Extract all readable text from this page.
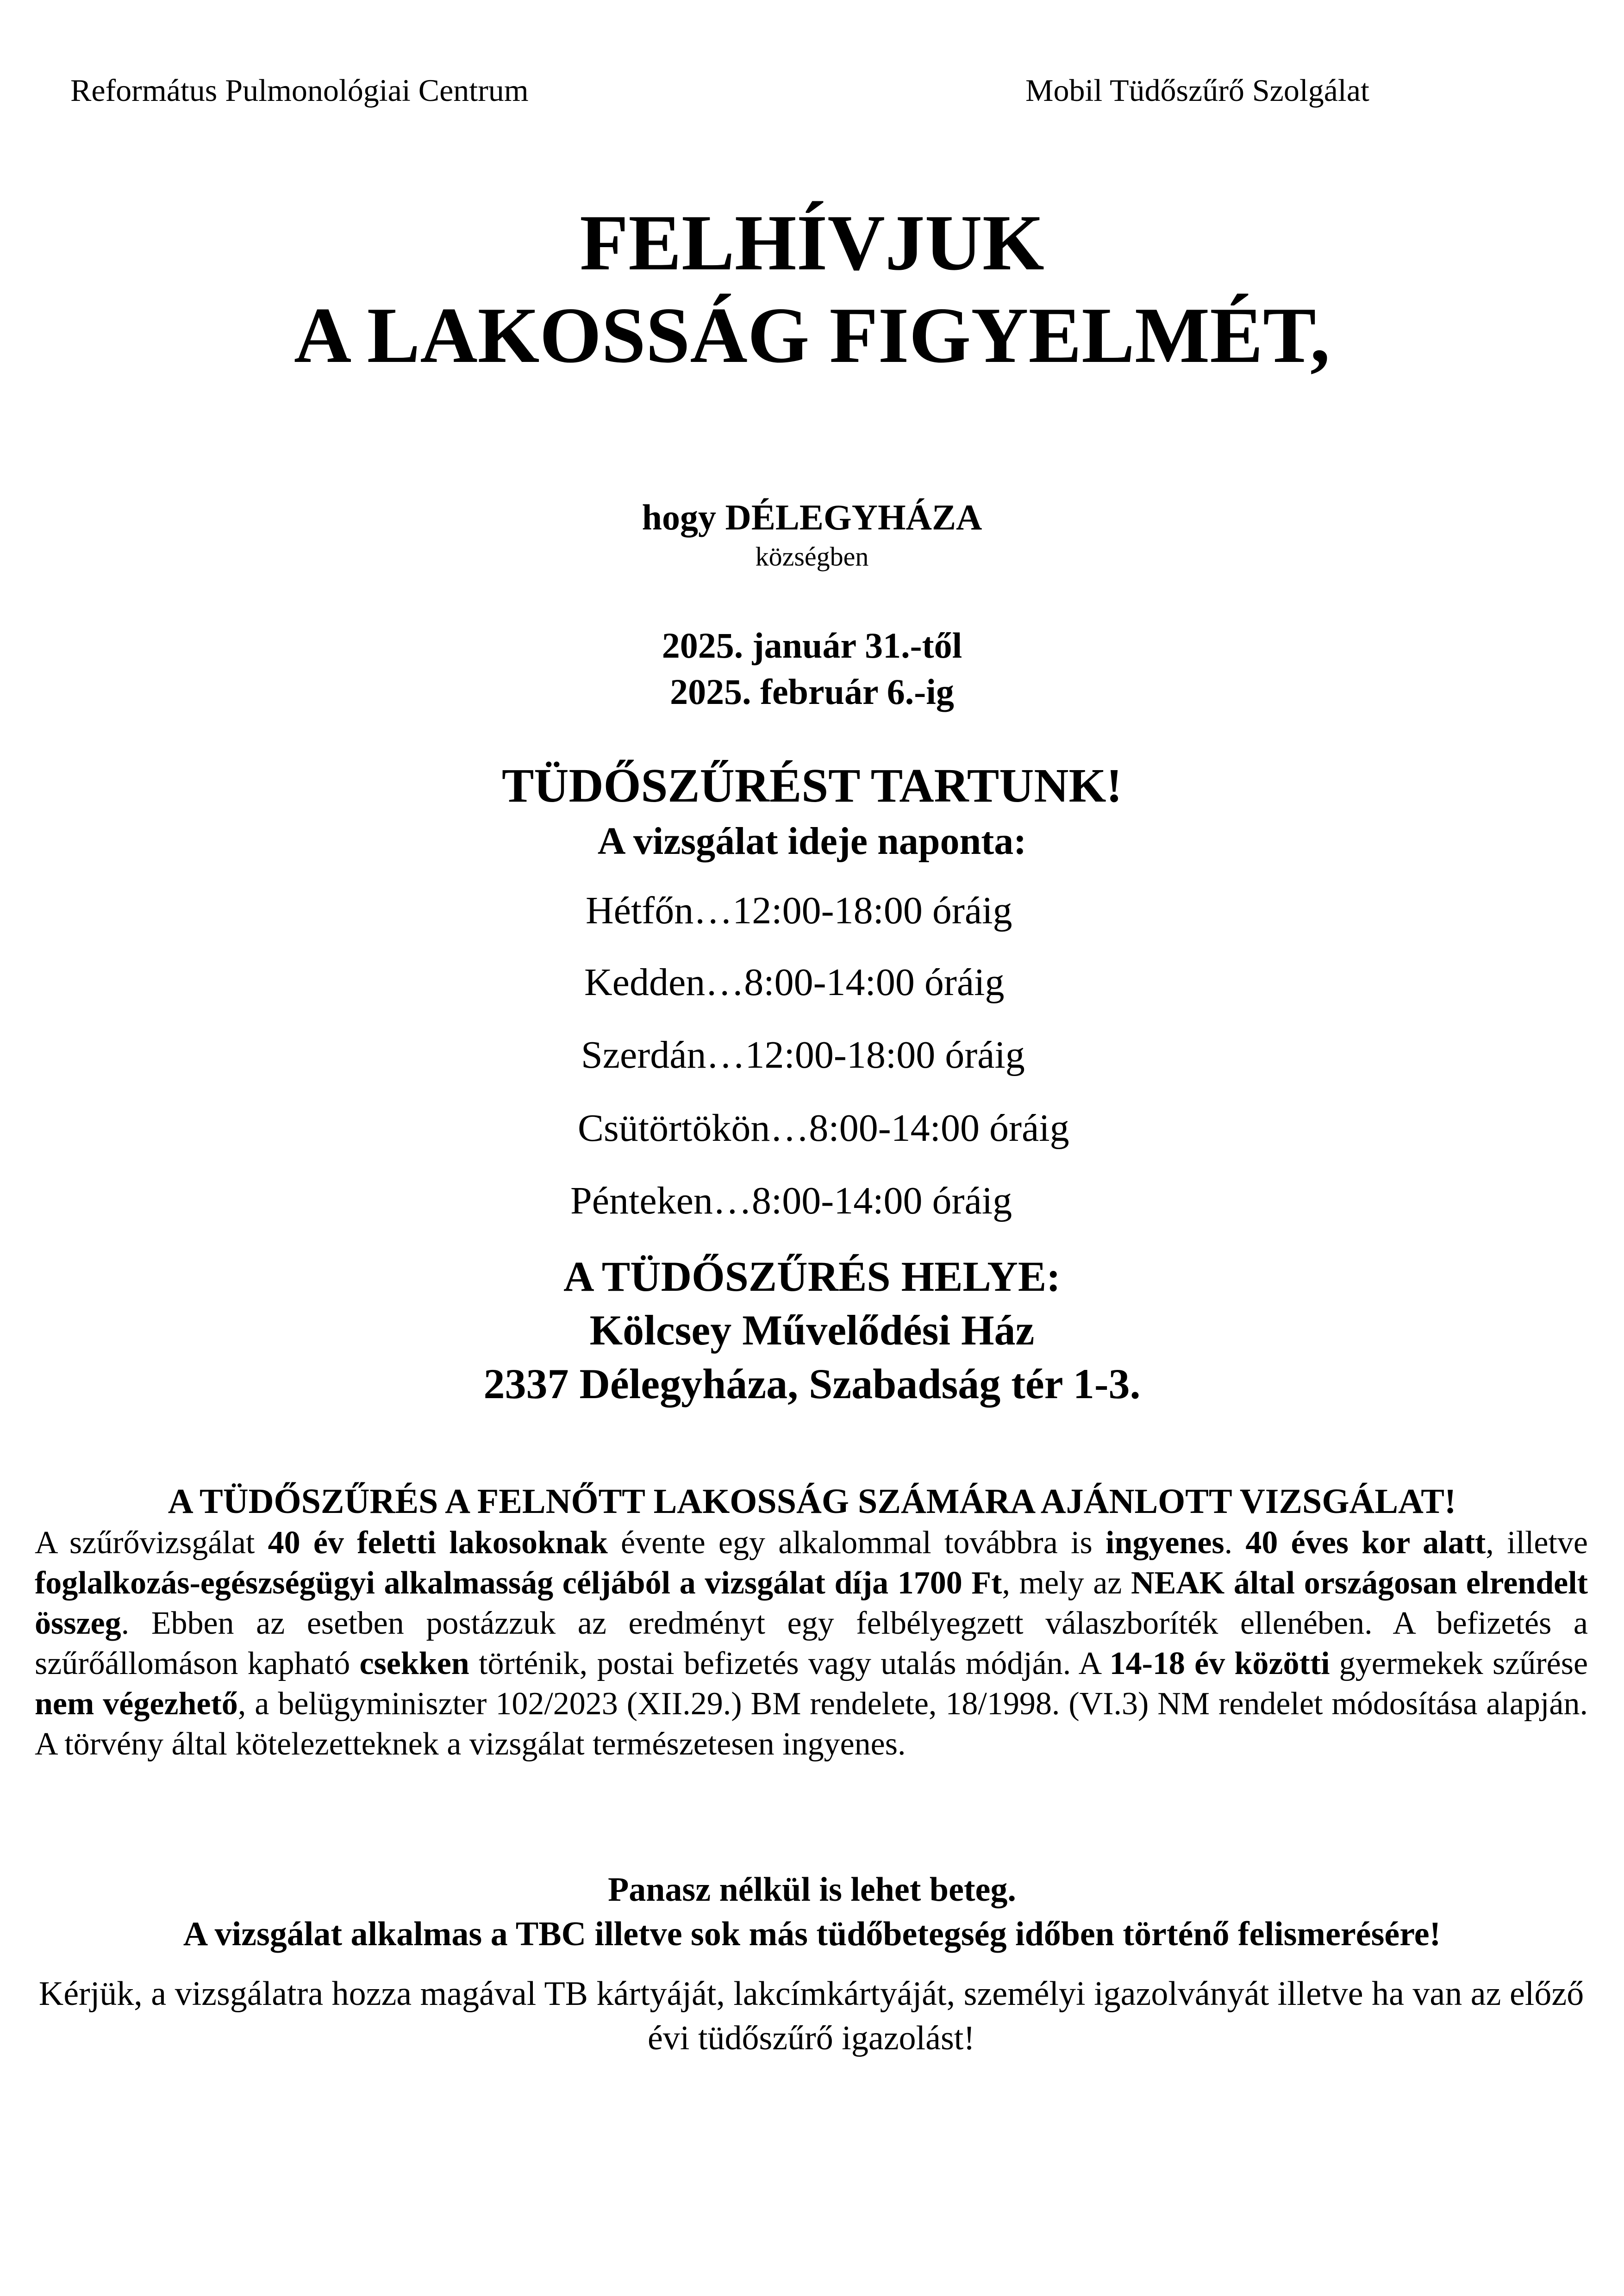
Református Pulmonológiai Centrum	Mobil Tüdőszűrő Szolgálat
FELHÍVJUK
A LAKOSSÁG FIGYELMÉT,
hogy DÉLEGYHÁZA
községben
2025. január 31.-től
2025. február 6.-ig
TÜDŐSZŰRÉST TARTUNK!
A vizsgálat ideje naponta:
Hétfőn…12:00-18:00 óráig
Kedden…8:00-14:00 óráig
Szerdán…12:00-18:00 óráig
Csütörtökön…8:00-14:00 óráig
Pénteken…8:00-14:00 óráig
A TÜDŐSZŰRÉS HELYE:
Kölcsey Művelődési Ház
2337 Délegyháza, Szabadság tér 1-3.
A TÜDŐSZŰRÉS A FELNŐTT LAKOSSÁG SZÁMÁRA AJÁNLOTT VIZSGÁLAT!
A szűrővizsgálat 40 év feletti lakosoknak évente egy alkalommal továbbra is ingyenes. 40 éves kor alatt, illetve foglalkozás-egészségügyi alkalmasság céljából a vizsgálat díja 1700 Ft, mely az NEAK által országosan elrendelt összeg. Ebben az esetben postázzuk az eredményt egy felbélyegzett válaszboríték ellenében. A befizetés a szűrőállomáson kapható csekken történik, postai befizetés vagy utalás módján. A 14-18 év közötti gyermekek szűrése nem végezhető, a belügyminiszter 102/2023 (XII.29.) BM rendelete, 18/1998. (VI.3) NM rendelet módosítása alapján. A törvény által kötelezetteknek a vizsgálat természetesen ingyenes.
Panasz nélkül is lehet beteg.
A vizsgálat alkalmas a TBC illetve sok más tüdőbetegség időben történő felismerésére!
Kérjük, a vizsgálatra hozza magával TB kártyáját, lakcímkártyáját, személyi igazolványát illetve ha van az előző évi tüdőszűrő igazolást!
